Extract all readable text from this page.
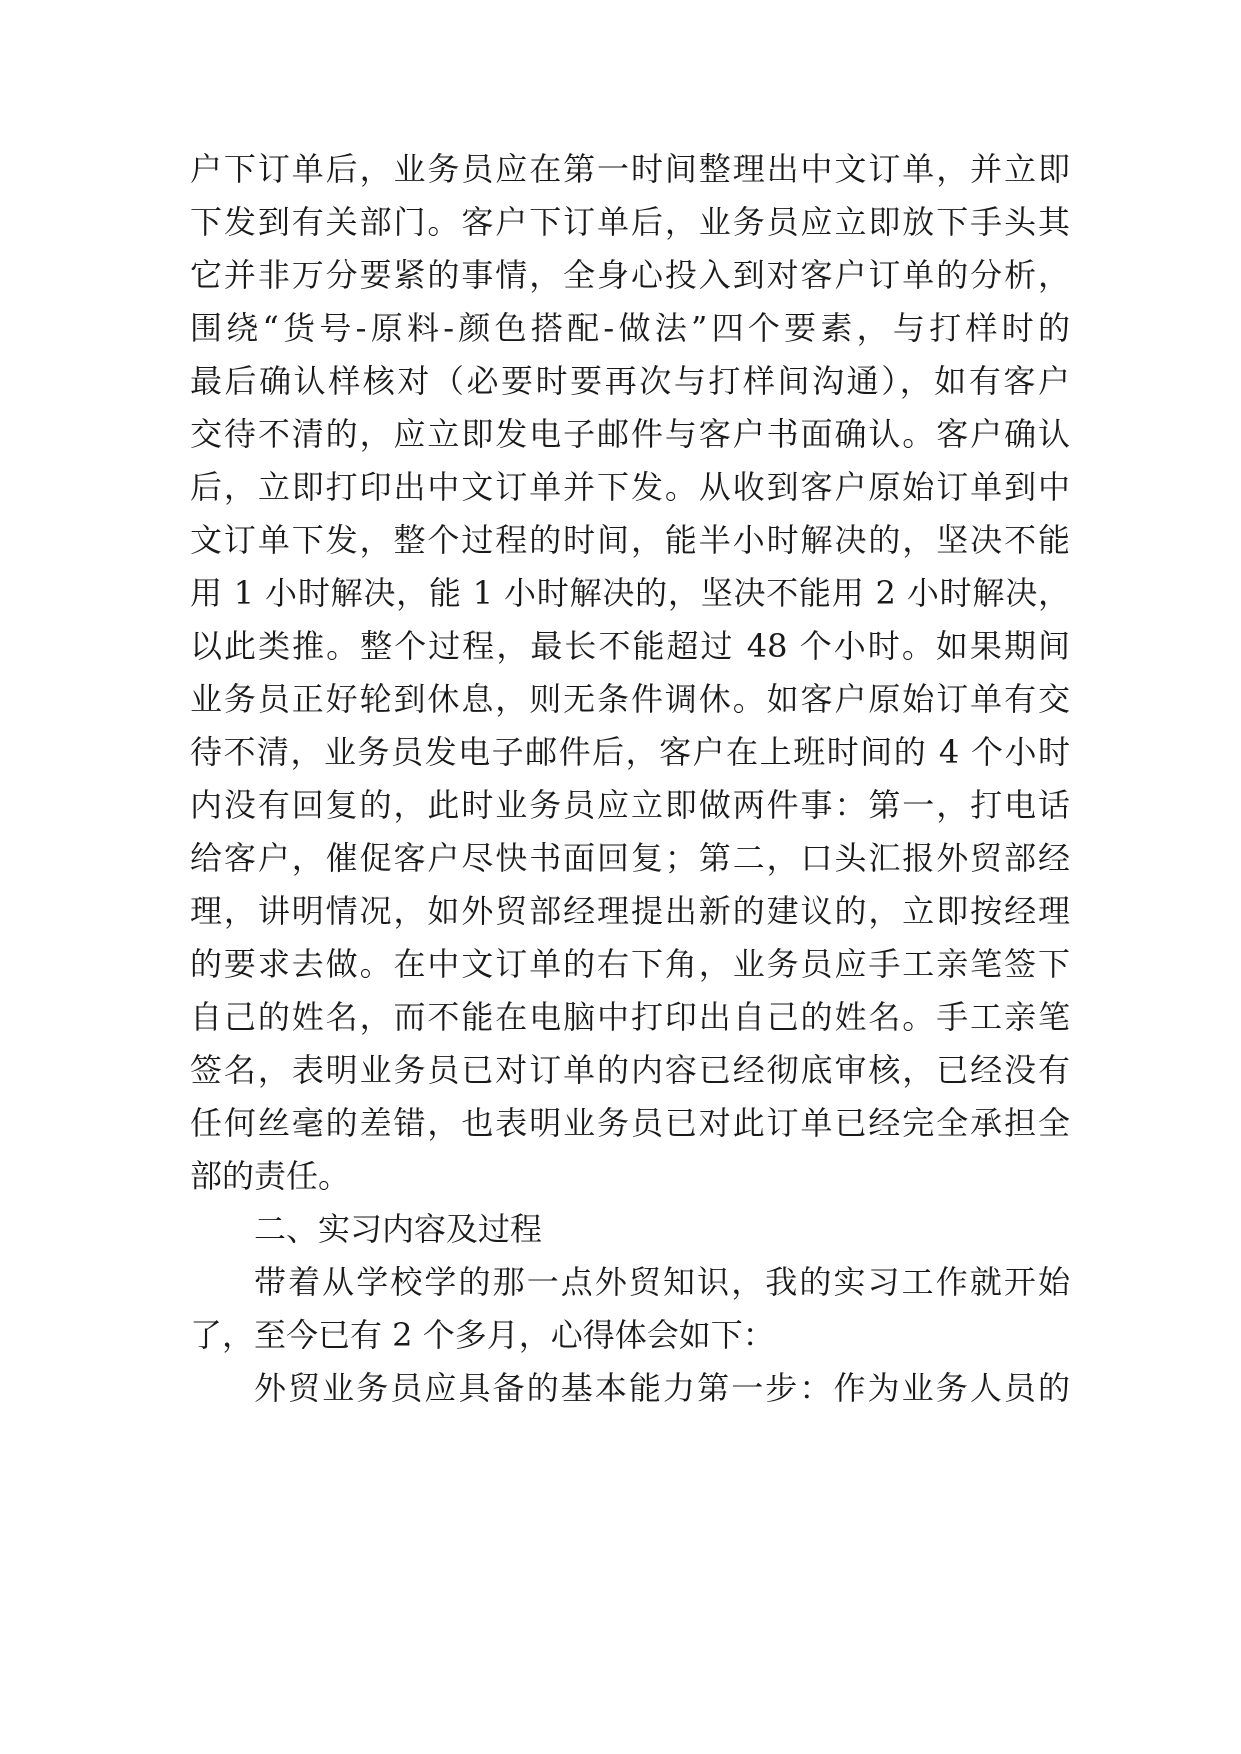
户下订单后，业务员应在第一时间整理出中文订单，并立即
下发到有关部门。客户下订单后，业务员应立即放下手头其
它并非万分要紧的事情，全身心投入到对客户订单的分析，
围绕“货号-原料-颜色搭配-做法”四个要素，与打样时的
最后确认样核对（必要时要再次与打样间沟通），如有客户
交待不清的，应立即发电子邮件与客户书面确认。客户确认
后，立即打印出中文订单并下发。从收到客户原始订单到中
文订单下发，整个过程的时间，能半小时解决的，坚决不能
用 1 小时解决，能 1 小时解决的，坚决不能用 2 小时解决，
以此类推。整个过程，最长不能超过 48 个小时。如果期间
业务员正好轮到休息，则无条件调休。如客户原始订单有交
待不清，业务员发电子邮件后，客户在上班时间的 4 个小时
内没有回复的，此时业务员应立即做两件事：第一，打电话
给客户，催促客户尽快书面回复；第二，口头汇报外贸部经
理，讲明情况，如外贸部经理提出新的建议的，立即按经理
的要求去做。在中文订单的右下角，业务员应手工亲笔签下
自己的姓名，而不能在电脑中打印出自己的姓名。手工亲笔
签名，表明业务员已对订单的内容已经彻底审核，已经没有
任何丝毫的差错，也表明业务员已对此订单已经完全承担全
部的责任。
二、实习内容及过程
带着从学校学的那一点外贸知识，我的实习工作就开始
了，至今已有 2 个多月，心得体会如下：
外贸业务员应具备的基本能力第一步：作为业务人员的
